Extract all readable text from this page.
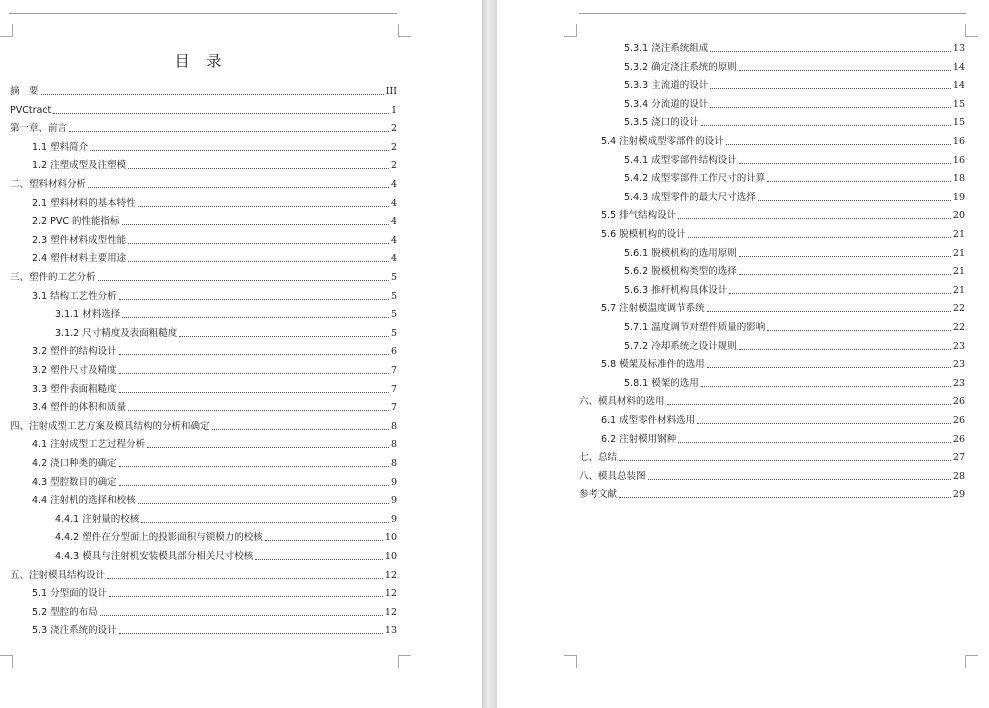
目 录
摘　要	III
PVCtract	1
第一章、前言	2
1.1 塑料简介	2
1.2 注塑成型及注塑模	2
二、塑料材料分析	4
2.1 塑料材料的基本特性	4
2.2 PVC 的性能指标	4
2.3 塑件材料成型性能	4
2.4 塑件材料主要用途	4
三、塑件的工艺分析	5
3.1 结构工艺性分析	5
3.1.1 材料选择	5
3.1.2 尺寸精度及表面粗糙度	5
3.2 塑件的结构设计	6
3.2 塑件尺寸及精度	7
3.3 塑件表面粗糙度	7
3.4 塑件的体积和质量	7
四、注射成型工艺方案及模具结构的分析和确定	8
4.1 注射成型工艺过程分析	8
4.2 浇口种类的确定	8
4.3 型腔数目的确定	9
4.4 注射机的选择和校核	9
4.4.1 注射量的校核	9
4.4.2 塑件在分型面上的投影面积与锁模力的校核	10
4.4.3 模具与注射机安装模具部分相关尺寸校核	10
五、注射模具结构设计	12
5.1 分型面的设计	12
5.2 型腔的布局	12
5.3 浇注系统的设计	13
5.3.1 浇注系统组成	13
5.3.2 确定浇注系统的原则	14
5.3.3 主流道的设计	14
5.3.4 分流道的设计	15
5.3.5 浇口的设计	15
5.4 注射模成型零部件的设计	16
5.4.1 成型零部件结构设计	16
5.4.2 成型零部件工作尺寸的计算	18
5.4.3 成型零件的最大尺寸选择	19
5.5 排气结构设计	20
5.6 脱模机构的设计	21
5.6.1 脱模机构的选用原则	21
5.6.2 脱模机构类型的选择	21
5.6.3 推杆机构具体设计	21
5.7 注射模温度调节系统	22
5.7.1 温度调节对塑件质量的影响	22
5.7.2 冷却系统之设计规则	23
5.8 模架及标准件的选用	23
5.8.1 模架的选用	23
六、模具材料的选用	26
6.1 成型零件材料选用	26
6.2 注射模用钢种	26
七、总结	27
八、模具总装图	28
参考文献	29
